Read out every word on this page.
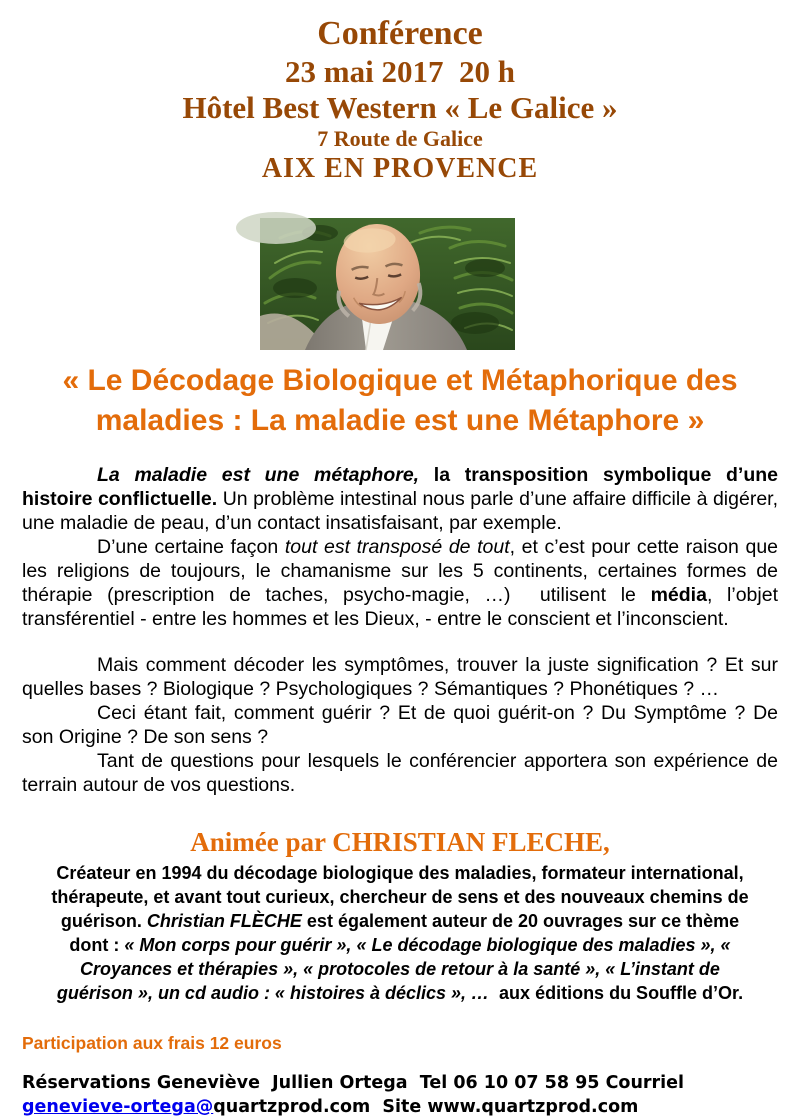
Conférence
23 mai 2017  20 h
Hôtel Best Western « Le Galice »
7 Route de Galice
AIX EN PROVENCE
« Le Décodage Biologique et Métaphorique des
maladies : La maladie est une Métaphore »

La maladie est une métaphore, la transposition symbolique d’une histoire conflictuelle. Un problème intestinal nous parle d’une affaire difficile à digérer, une maladie de peau, d’un contact insatisfaisant, par exemple.

D’une certaine façon tout est transposé de tout, et c’est pour cette raison que les religions de toujours, le chamanisme sur les 5 continents, certaines formes de thérapie (prescription de taches, psycho-magie, …)  utilisent le média, l’objet transférentiel - entre les hommes et les Dieux, - entre le conscient et l’inconscient.

Mais comment décoder les symptômes, trouver la juste signification ? Et sur quelles bases ? Biologique ? Psychologiques ? Sémantiques ? Phonétiques ? …

Ceci étant fait, comment guérir ? Et de quoi guérit-on ? Du Symptôme ? De son Origine ? De son sens ?

Tant de questions pour lesquels le conférencier apportera son expérience de terrain autour de vos questions.

Animée par CHRISTIAN FLECHE,

Créateur en 1994 du décodage biologique des maladies, formateur international, thérapeute, et avant tout curieux, chercheur de sens et des nouveaux chemins de guérison. Christian FLÈCHE est également auteur de 20 ouvrages sur ce thème dont : « Mon corps pour guérir », « Le décodage biologique des maladies », « Croyances et thérapies », « protocoles de retour à la santé », « L’instant de guérison », un cd audio : « histoires à déclics », …  aux éditions du Souffle d’Or.

Participation aux frais 12 euros
Réservations Geneviève  Jullien Ortega  Tel 06 10 07 58 95 Courriel
genevieve-ortega@quartzprod.com  Site www.quartzprod.com
